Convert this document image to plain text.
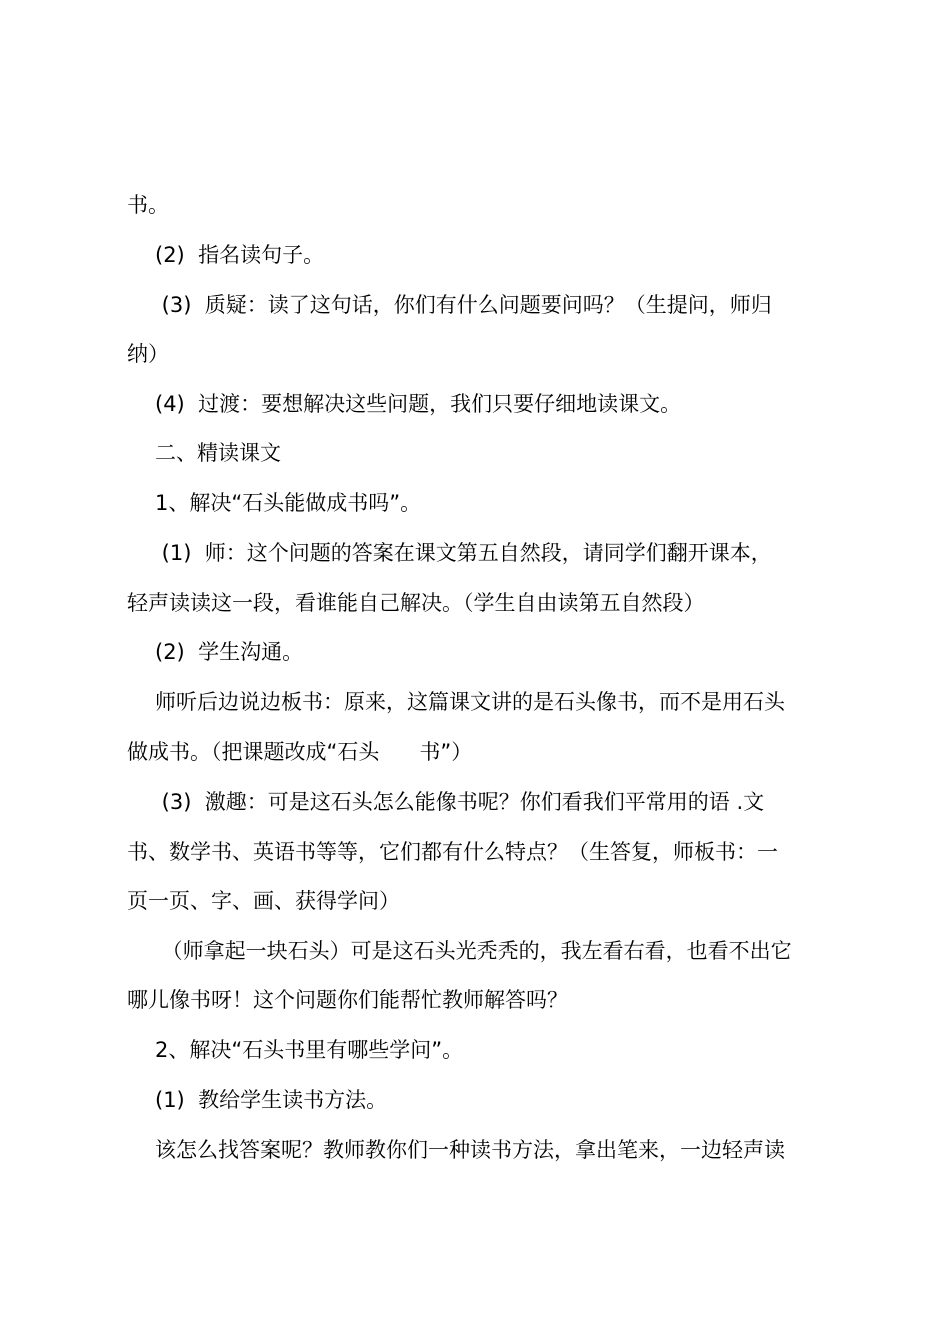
书。
(2)  指名读句子。
(3)  质疑：读了这句话，你们有什么问题要问吗？（生提问，师归
纳）
(4)  过渡：要想解决这些问题，我们只要仔细地读课文。
二、精读课文
1、解决“石头能做成书吗”。
(1)  师：这个问题的答案在课文第五自然段，请同学们翻开课本，
轻声读读这一段，看谁能自己解决。（学生自由读第五自然段）
(2)  学生沟通。
师听后边说边板书：原来，这篇课文讲的是石头像书，而不是用石头
做成书。（把课题改成“石头      书”）
(3)  激趣：可是这石头怎么能像书呢？你们看我们平常用的语 .文
书、数学书、英语书等等，它们都有什么特点？（生答复，师板书：一
页一页、字、画、获得学问）
（师拿起一块石头）可是这石头光秃秃的，我左看右看，也看不出它
哪儿像书呀！这个问题你们能帮忙教师解答吗？
2、解决“石头书里有哪些学问”。
(1)  教给学生读书方法。
该怎么找答案呢？教师教你们一种读书方法，拿出笔来，一边轻声读
